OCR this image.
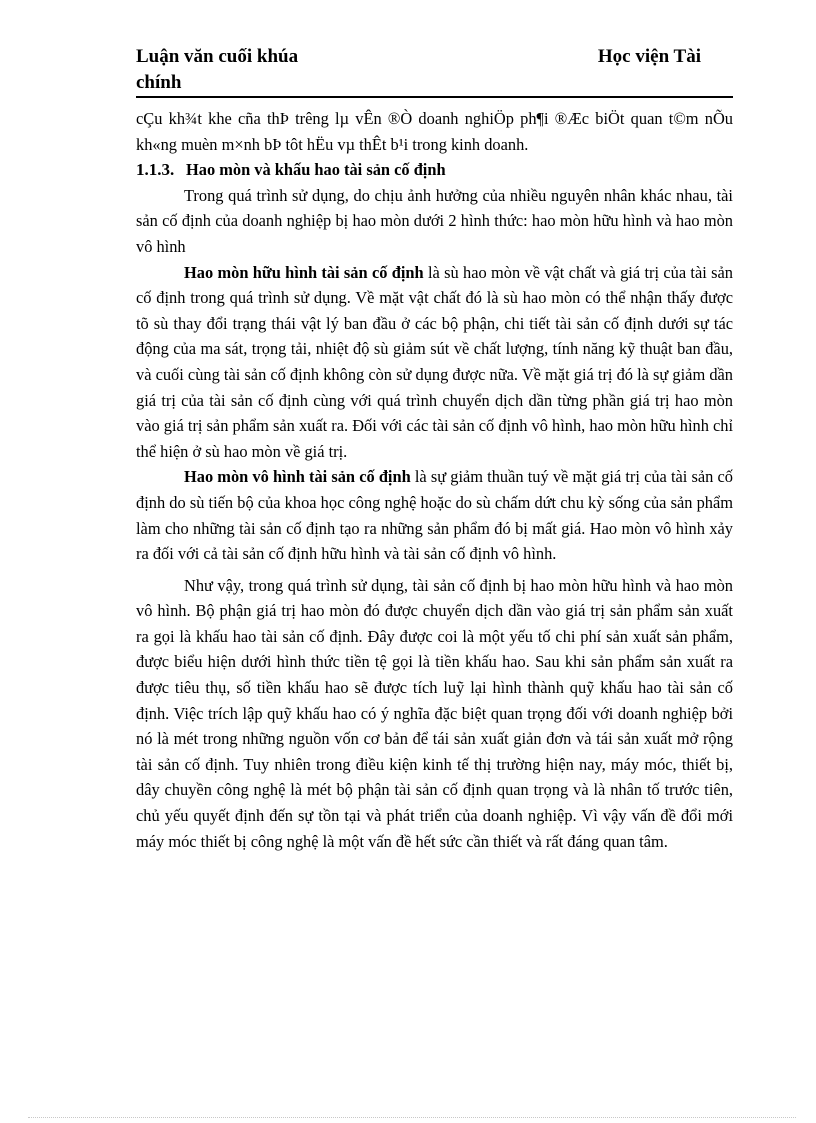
Luận văn cuối khúa chính
Học viện Tài

cÇu kh¾t khe cña thÞ trêng lµ vÊn ®Ò doanh nghiÖp ph¶i ®Æc biÖt quan t©m nÕu kh«ng muèn m×nh bÞ tôt hËu vµ thÊt b¹i trong kinh doanh.

1.1.3. Hao mòn và khấu hao tài sản cố định

Trong quá trình sử dụng, do chịu ảnh hưởng của nhiều nguyên nhân khác nhau, tài sản cố định của doanh nghiệp bị hao mòn dưới 2 hình thức: hao mòn hữu hình và hao mòn vô hình

Hao mòn hữu hình tài sản cố định là sù hao mòn về vật chất và giá trị của tài sản cố định trong quá trình sử dụng. Về mặt vật chất đó là sù hao mòn có thể nhận thấy được tõ sù thay đổi trạng thái vật lý ban đầu ở các bộ phận, chi tiết tài sản cố định dưới sự tác động của ma sát, trọng tải, nhiệt độ sù giảm sút về chất lượng, tính năng kỹ thuật ban đầu, và cuối cùng tài sản cố định không còn sử dụng được nữa. Về mặt giá trị đó là sự giảm dần giá trị của tài sản cố định cùng với quá trình chuyển dịch dần từng phần giá trị hao mòn vào giá trị sản phẩm sản xuất ra. Đối với các tài sản cố định vô hình, hao mòn hữu hình chỉ thể hiện ở sù hao mòn về giá trị.

Hao mòn vô hình tài sản cố định là sự giảm thuần tuý về mặt giá trị của tài sản cố định do sù tiến bộ của khoa học công nghệ hoặc do sù chấm dứt chu kỳ sống của sản phẩm làm cho những tài sản cố định tạo ra những sản phẩm đó bị mất giá. Hao mòn vô hình xảy ra đối với cả tài sản cố định hữu hình và tài sản cố định vô hình.

Như vậy, trong quá trình sử dụng, tài sản cố định bị hao mòn hữu hình và hao mòn vô hình. Bộ phận giá trị hao mòn đó được chuyển dịch dần vào giá trị sản phẩm sản xuất ra gọi là khấu hao tài sản cố định. Đây được coi là một yếu tố chi phí sản xuất sản phẩm, được biểu hiện dưới hình thức tiền tệ gọi là tiền khấu hao. Sau khi sản phẩm sản xuất ra được tiêu thụ, số tiền khấu hao sẽ được tích luỹ lại hình thành quỹ khấu hao tài sản cố định. Việc trích lập quỹ khấu hao có ý nghĩa đặc biệt quan trọng đối với doanh nghiệp bởi nó là mét trong những nguồn vốn cơ bản để tái sản xuất giản đơn và tái sản xuất mở rộng tài sản cố định. Tuy nhiên trong điều kiện kinh tế thị trường hiện nay, máy móc, thiết bị, dây chuyền công nghệ là mét bộ phận tài sản cố định quan trọng và là nhân tố trước tiên, chủ yếu quyết định đến sự tồn tại và phát triển của doanh nghiệp. Vì vậy vấn đề đổi mới máy móc thiết bị công nghệ là một vấn đề hết sức cần thiết và rất đáng quan tâm.
